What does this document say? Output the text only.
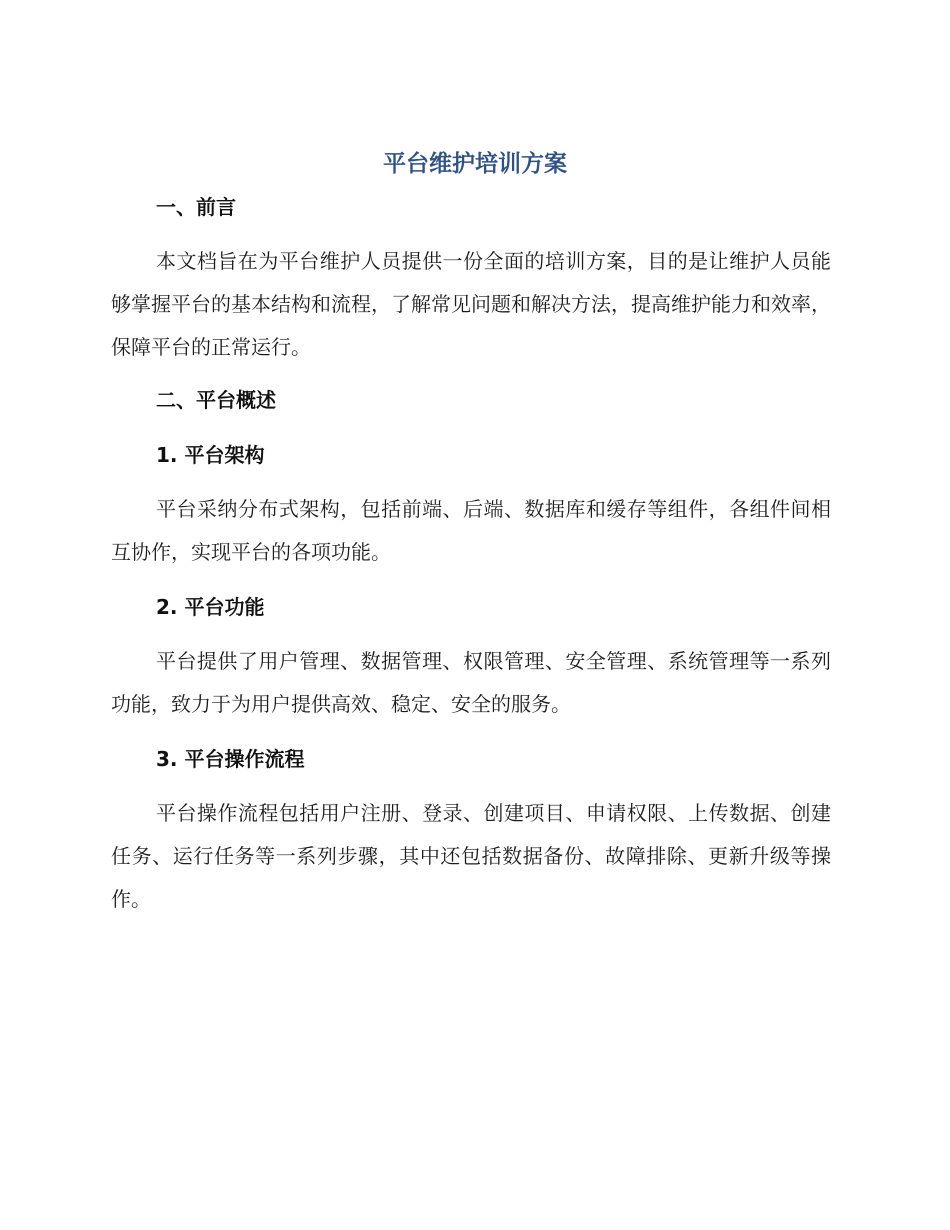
平台维护培训方案
一、前言

本文档旨在为平台维护人员提供一份全面的培训方案，目的是让维护人员能够掌握平台的基本结构和流程，了解常见问题和解决方法，提高维护能力和效率，保障平台的正常运行。

二、平台概述
1. 平台架构

平台采纳分布式架构，包括前端、后端、数据库和缓存等组件，各组件间相互协作，实现平台的各项功能。

2. 平台功能

平台提供了用户管理、数据管理、权限管理、安全管理、系统管理等一系列功能，致力于为用户提供高效、稳定、安全的服务。

3. 平台操作流程

平台操作流程包括用户注册、登录、创建项目、申请权限、上传数据、创建任务、运行任务等一系列步骤，其中还包括数据备份、故障排除、更新升级等操作。
